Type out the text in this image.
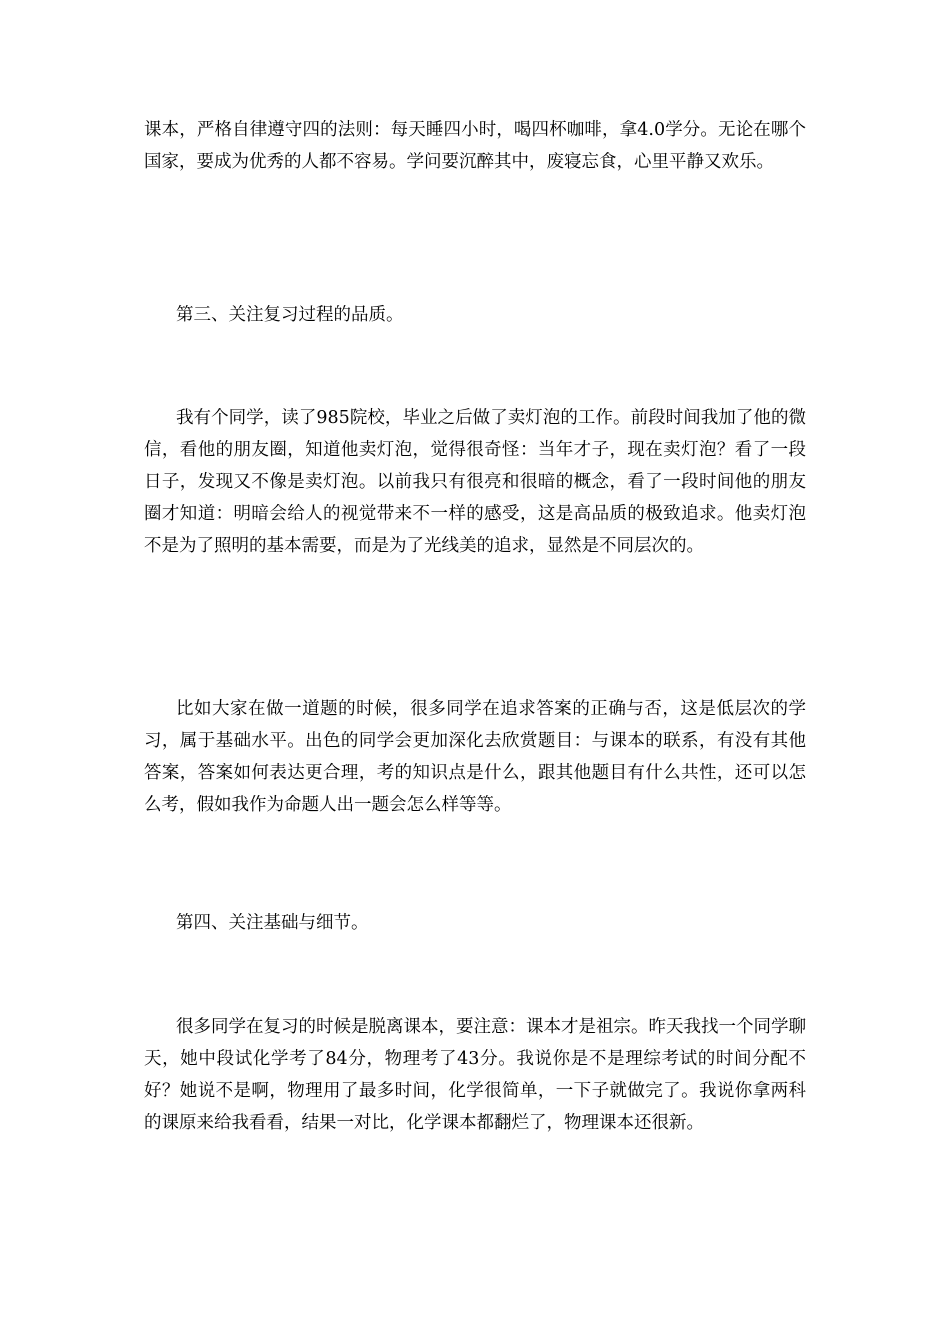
课本，严格自律遵守四的法则：每天睡四小时，喝四杯咖啡，拿4.0学分。无论在哪个国家，要成为优秀的人都不容易。学问要沉醉其中，废寝忘食，心里平静又欢乐。

第三、关注复习过程的品质。

我有个同学，读了985院校，毕业之后做了卖灯泡的工作。前段时间我加了他的微信，看他的朋友圈，知道他卖灯泡，觉得很奇怪：当年才子，现在卖灯泡？看了一段日子，发现又不像是卖灯泡。以前我只有很亮和很暗的概念，看了一段时间他的朋友圈才知道：明暗会给人的视觉带来不一样的感受，这是高品质的极致追求。他卖灯泡不是为了照明的基本需要，而是为了光线美的追求，显然是不同层次的。

比如大家在做一道题的时候，很多同学在追求答案的正确与否，这是低层次的学习，属于基础水平。出色的同学会更加深化去欣赏题目：与课本的联系，有没有其他答案，答案如何表达更合理，考的知识点是什么，跟其他题目有什么共性，还可以怎么考，假如我作为命题人出一题会怎么样等等。

第四、关注基础与细节。

很多同学在复习的时候是脱离课本，要注意：课本才是祖宗。昨天我找一个同学聊天，她中段试化学考了84分，物理考了43分。我说你是不是理综考试的时间分配不好？她说不是啊，物理用了最多时间，化学很简单，一下子就做完了。我说你拿两科的课原来给我看看，结果一对比，化学课本都翻烂了，物理课本还很新。
